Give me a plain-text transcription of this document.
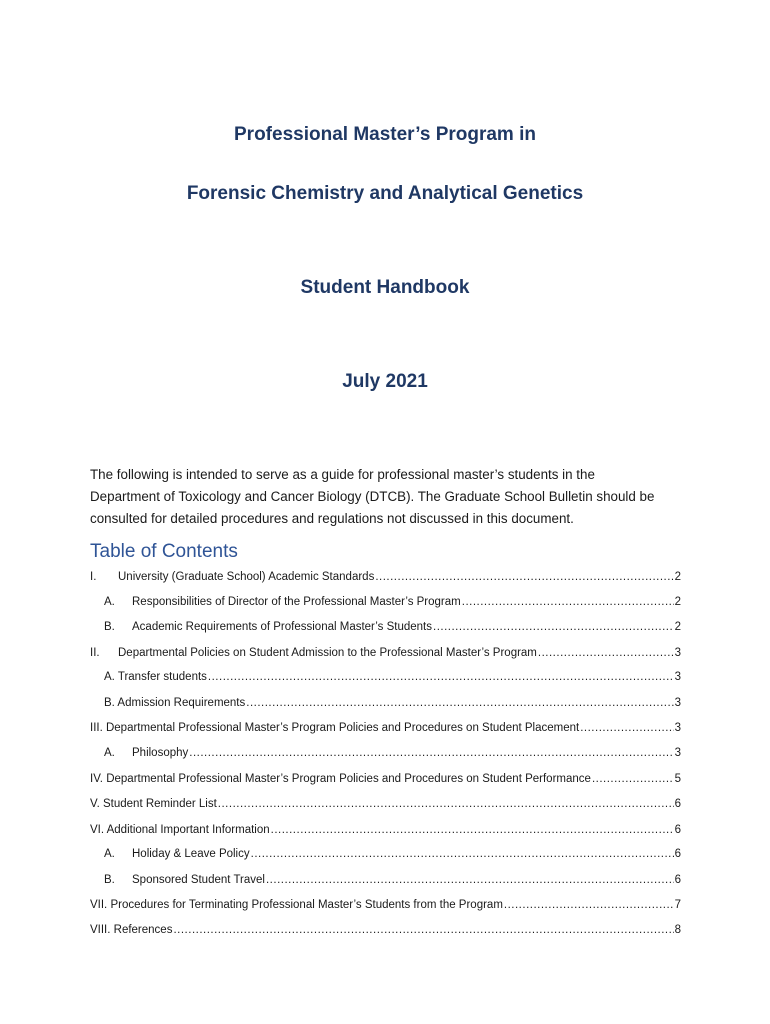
Professional Master’s Program in
Forensic Chemistry and Analytical Genetics
Student Handbook
July 2021
The following is intended to serve as a guide for professional master’s students in the
Department of Toxicology and Cancer Biology (DTCB). The Graduate School Bulletin should be
consulted for detailed procedures and regulations not discussed in this document.
Table of Contents
I.	University (Graduate School) Academic Standards .....	2
A.	Responsibilities of Director of the Professional Master’s Program .....	2
B.	Academic Requirements of Professional Master’s Students .....	2
II.	Departmental Policies on Student Admission to the Professional Master’s Program .....	3
A. Transfer students .....	3
B. Admission Requirements .....	3
III. Departmental Professional Master’s Program Policies and Procedures on Student Placement .....	3
A.	Philosophy .....	3
IV. Departmental Professional Master’s Program Policies and Procedures on Student Performance .....	5
V. Student Reminder List .....	6
VI. Additional Important Information .....	6
A.	Holiday & Leave Policy .....	6
B.	Sponsored Student Travel .....	6
VII. Procedures for Terminating Professional Master’s Students from the Program .....	7
VIII. References .....	8
